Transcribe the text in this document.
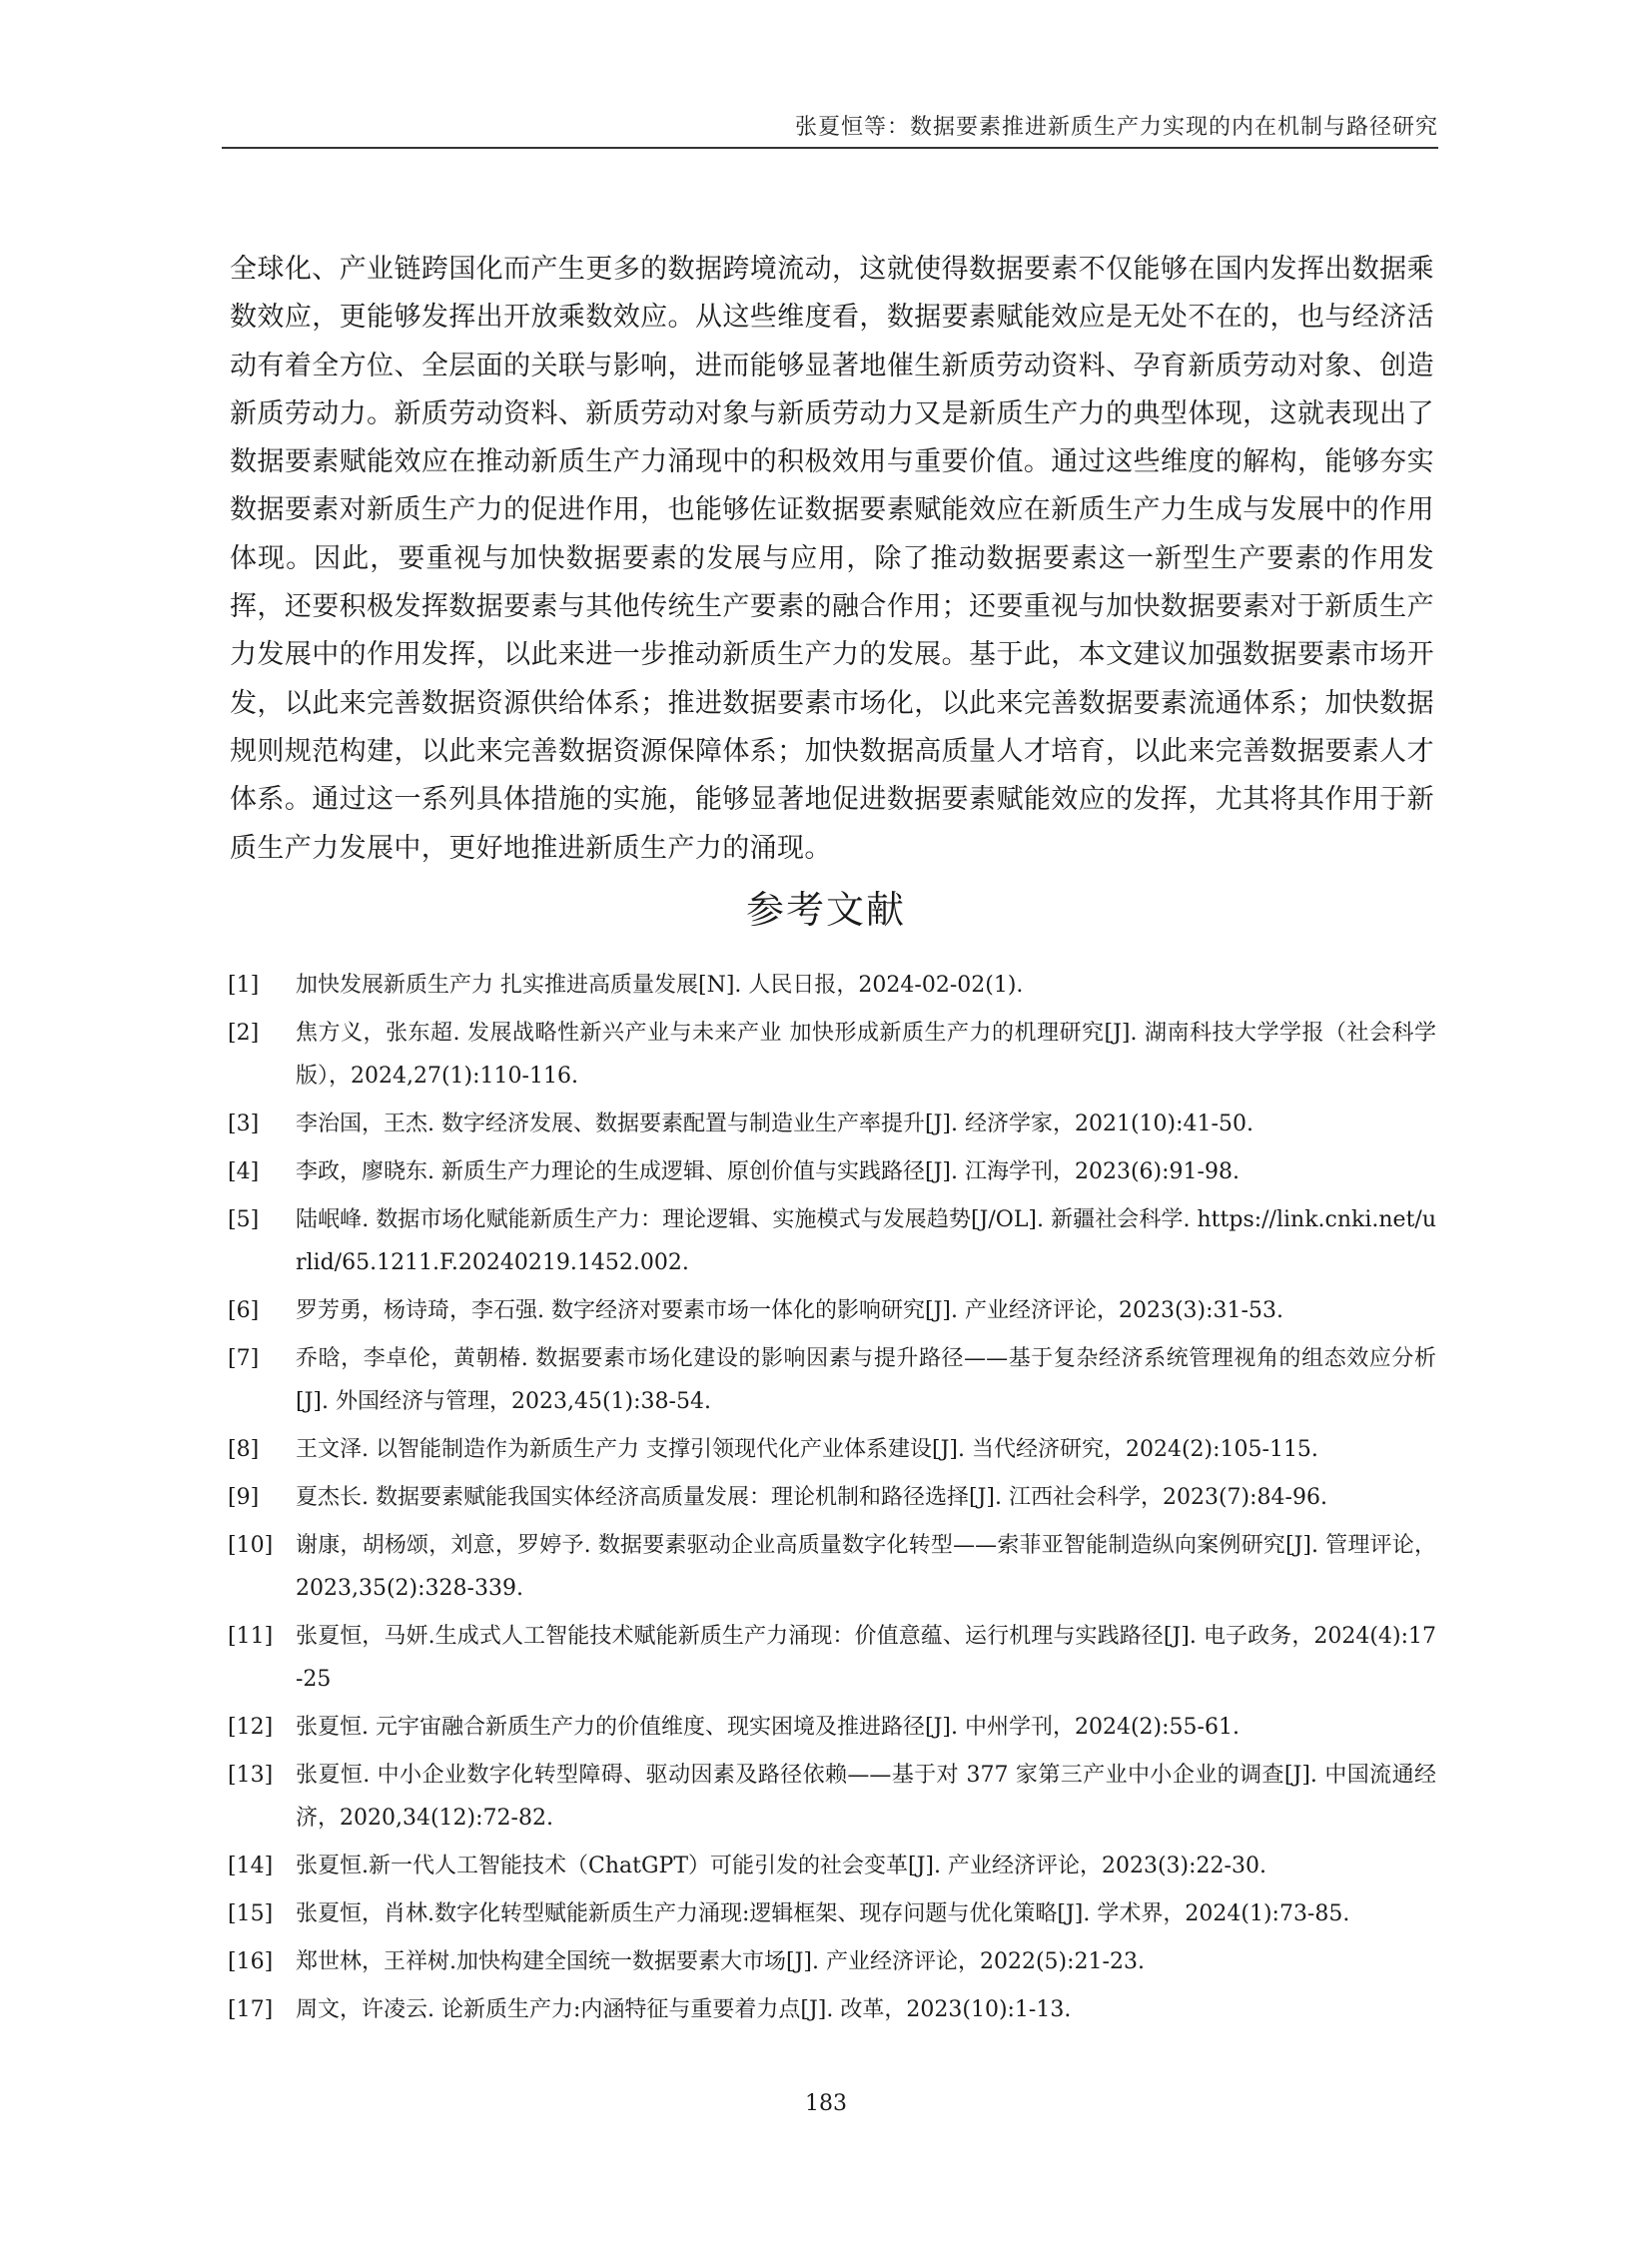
张夏恒等：数据要素推进新质生产力实现的内在机制与路径研究

全球化、产业链跨国化而产生更多的数据跨境流动，这就使得数据要素不仅能够在国内发挥出数据乘数效应，更能够发挥出开放乘数效应。从这些维度看，数据要素赋能效应是无处不在的，也与经济活动有着全方位、全层面的关联与影响，进而能够显著地催生新质劳动资料、孕育新质劳动对象、创造新质劳动力。新质劳动资料、新质劳动对象与新质劳动力又是新质生产力的典型体现，这就表现出了数据要素赋能效应在推动新质生产力涌现中的积极效用与重要价值。通过这些维度的解构，能够夯实数据要素对新质生产力的促进作用，也能够佐证数据要素赋能效应在新质生产力生成与发展中的作用体现。因此，要重视与加快数据要素的发展与应用，除了推动数据要素这一新型生产要素的作用发挥，还要积极发挥数据要素与其他传统生产要素的融合作用；还要重视与加快数据要素对于新质生产力发展中的作用发挥，以此来进一步推动新质生产力的发展。基于此，本文建议加强数据要素市场开发，以此来完善数据资源供给体系；推进数据要素市场化，以此来完善数据要素流通体系；加快数据规则规范构建，以此来完善数据资源保障体系；加快数据高质量人才培育，以此来完善数据要素人才体系。通过这一系列具体措施的实施，能够显著地促进数据要素赋能效应的发挥，尤其将其作用于新质生产力发展中，更好地推进新质生产力的涌现。

参考文献
[1]	加快发展新质生产力 扎实推进高质量发展[N]. 人民日报，2024-02-02(1).
[2]	焦方义，张东超. 发展战略性新兴产业与未来产业 加快形成新质生产力的机理研究[J]. 湖南科技大学学报（社会科学版），2024,27(1):110-116.
[3]	李治国，王杰. 数字经济发展、数据要素配置与制造业生产率提升[J]. 经济学家，2021(10):41-50.
[4]	李政，廖晓东. 新质生产力理论的生成逻辑、原创价值与实践路径[J]. 江海学刊，2023(6):91-98.
[5]	陆岷峰. 数据市场化赋能新质生产力：理论逻辑、实施模式与发展趋势[J/OL]. 新疆社会科学. https://link.cnki.net/urlid/65.1211.F.20240219.1452.002.
[6]	罗芳勇，杨诗琦，李石强. 数字经济对要素市场一体化的影响研究[J]. 产业经济评论，2023(3):31-53.
[7]	乔晗，李卓伦，黄朝椿. 数据要素市场化建设的影响因素与提升路径——基于复杂经济系统管理视角的组态效应分析[J]. 外国经济与管理，2023,45(1):38-54.
[8]	王文泽. 以智能制造作为新质生产力 支撑引领现代化产业体系建设[J]. 当代经济研究，2024(2):105-115.
[9]	夏杰长. 数据要素赋能我国实体经济高质量发展：理论机制和路径选择[J]. 江西社会科学，2023(7):84-96.
[10]	谢康，胡杨颂，刘意，罗婷予. 数据要素驱动企业高质量数字化转型——索菲亚智能制造纵向案例研究[J]. 管理评论，2023,35(2):328-339.
[11]	张夏恒，马妍.生成式人工智能技术赋能新质生产力涌现：价值意蕴、运行机理与实践路径[J]. 电子政务，2024(4):17-25
[12]	张夏恒. 元宇宙融合新质生产力的价值维度、现实困境及推进路径[J]. 中州学刊，2024(2):55-61.
[13]	张夏恒. 中小企业数字化转型障碍、驱动因素及路径依赖——基于对 377 家第三产业中小企业的调查[J]. 中国流通经济，2020,34(12):72-82.
[14]	张夏恒.新一代人工智能技术（ChatGPT）可能引发的社会变革[J]. 产业经济评论，2023(3):22-30.
[15]	张夏恒，肖林.数字化转型赋能新质生产力涌现:逻辑框架、现存问题与优化策略[J]. 学术界，2024(1):73-85.
[16]	郑世林，王祥树.加快构建全国统一数据要素大市场[J]. 产业经济评论，2022(5):21-23.
[17]	周文，许凌云. 论新质生产力:内涵特征与重要着力点[J]. 改革，2023(10):1-13.
183
